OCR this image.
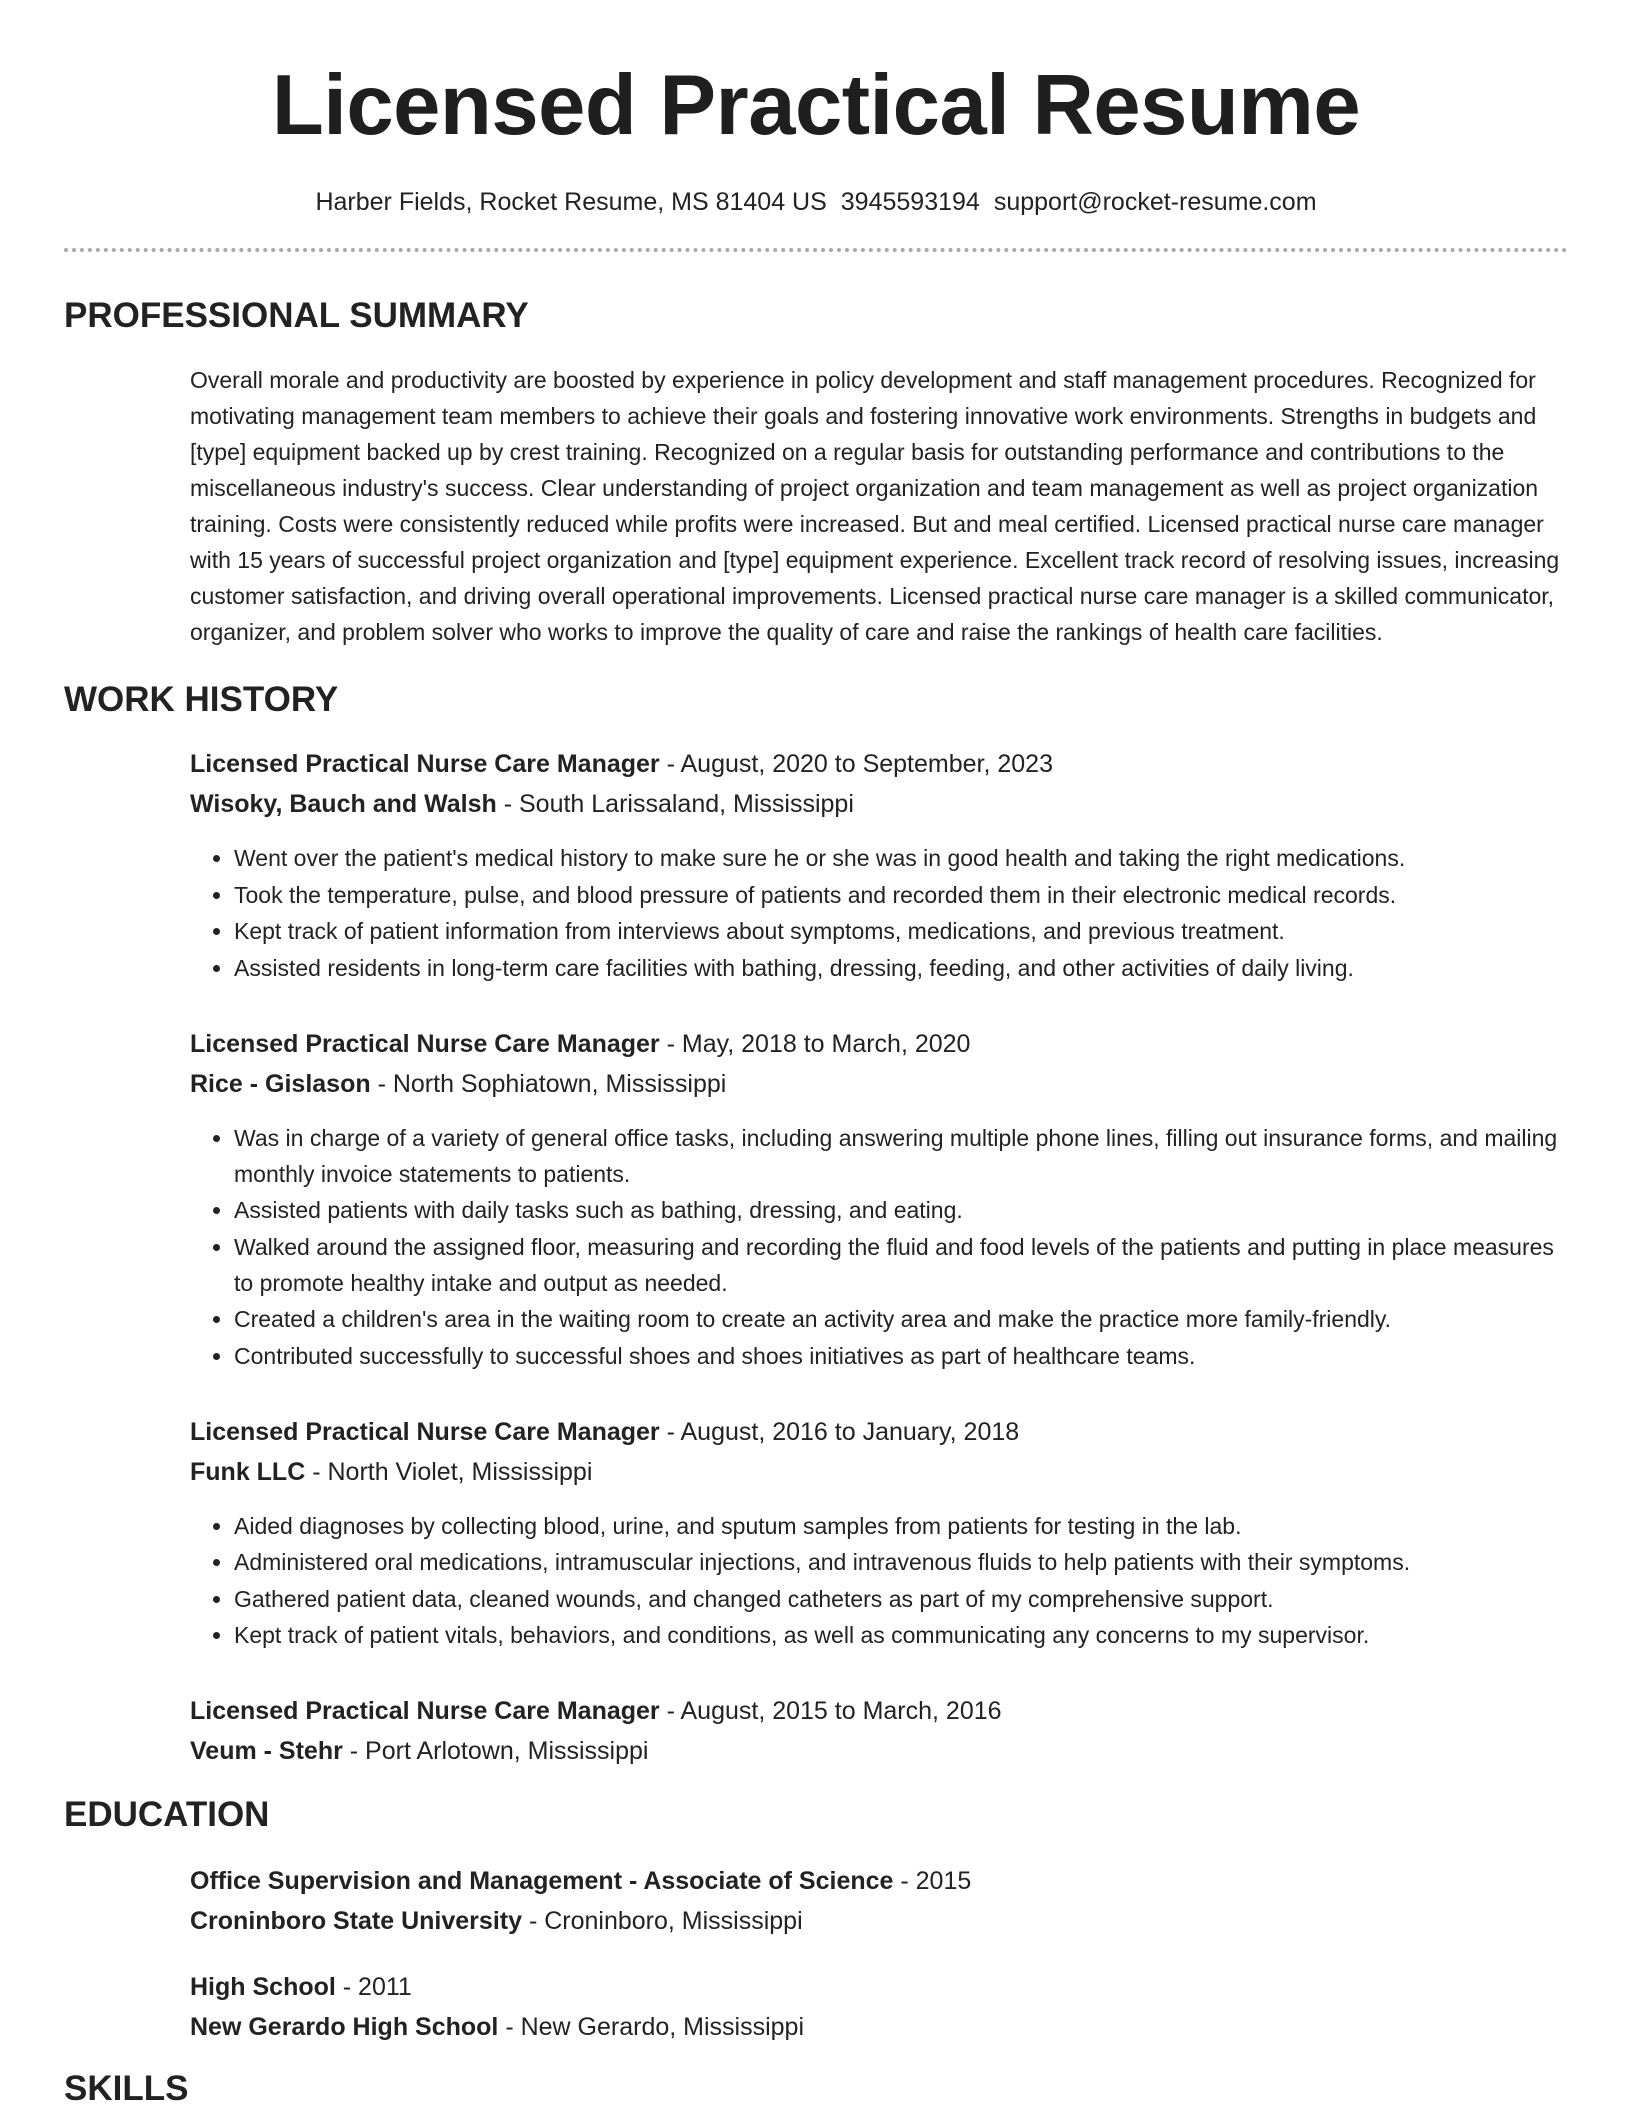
Licensed Practical Resume
Harber Fields, Rocket Resume, MS 81404 US 3945593194 support@rocket-resume.com
PROFESSIONAL SUMMARY

Overall morale and productivity are boosted by experience in policy development and staff management procedures. Recognized for motivating management team members to achieve their goals and fostering innovative work environments. Strengths in budgets and [type] equipment backed up by crest training. Recognized on a regular basis for outstanding performance and contributions to the miscellaneous industry's success. Clear understanding of project organization and team management as well as project organization training. Costs were consistently reduced while profits were increased. But and meal certified. Licensed practical nurse care manager with 15 years of successful project organization and [type] equipment experience. Excellent track record of resolving issues, increasing customer satisfaction, and driving overall operational improvements. Licensed practical nurse care manager is a skilled communicator, organizer, and problem solver who works to improve the quality of care and raise the rankings of health care facilities.

WORK HISTORY

Licensed Practical Nurse Care Manager - August, 2020 to September, 2023

Wisoky, Bauch and Walsh - South Larissaland, Mississippi

• Went over the patient's medical history to make sure he or she was in good health and taking the right medications.
• Took the temperature, pulse, and blood pressure of patients and recorded them in their electronic medical records.
• Kept track of patient information from interviews about symptoms, medications, and previous treatment.
• Assisted residents in long-term care facilities with bathing, dressing, feeding, and other activities of daily living.

Licensed Practical Nurse Care Manager - May, 2018 to March, 2020

Rice - Gislason - North Sophiatown, Mississippi

• Was in charge of a variety of general office tasks, including answering multiple phone lines, filling out insurance forms, and mailing monthly invoice statements to patients.
• Assisted patients with daily tasks such as bathing, dressing, and eating.
• Walked around the assigned floor, measuring and recording the fluid and food levels of the patients and putting in place measures to promote healthy intake and output as needed.
• Created a children's area in the waiting room to create an activity area and make the practice more family-friendly.
• Contributed successfully to successful shoes and shoes initiatives as part of healthcare teams.

Licensed Practical Nurse Care Manager - August, 2016 to January, 2018

Funk LLC - North Violet, Mississippi

• Aided diagnoses by collecting blood, urine, and sputum samples from patients for testing in the lab.
• Administered oral medications, intramuscular injections, and intravenous fluids to help patients with their symptoms.
• Gathered patient data, cleaned wounds, and changed catheters as part of my comprehensive support.
• Kept track of patient vitals, behaviors, and conditions, as well as communicating any concerns to my supervisor.

Licensed Practical Nurse Care Manager - August, 2015 to March, 2016

Veum - Stehr - Port Arlotown, Mississippi

EDUCATION

Office Supervision and Management - Associate of Science - 2015

Croninboro State University - Croninboro, Mississippi

High School - 2011

New Gerardo High School - New Gerardo, Mississippi

SKILLS
